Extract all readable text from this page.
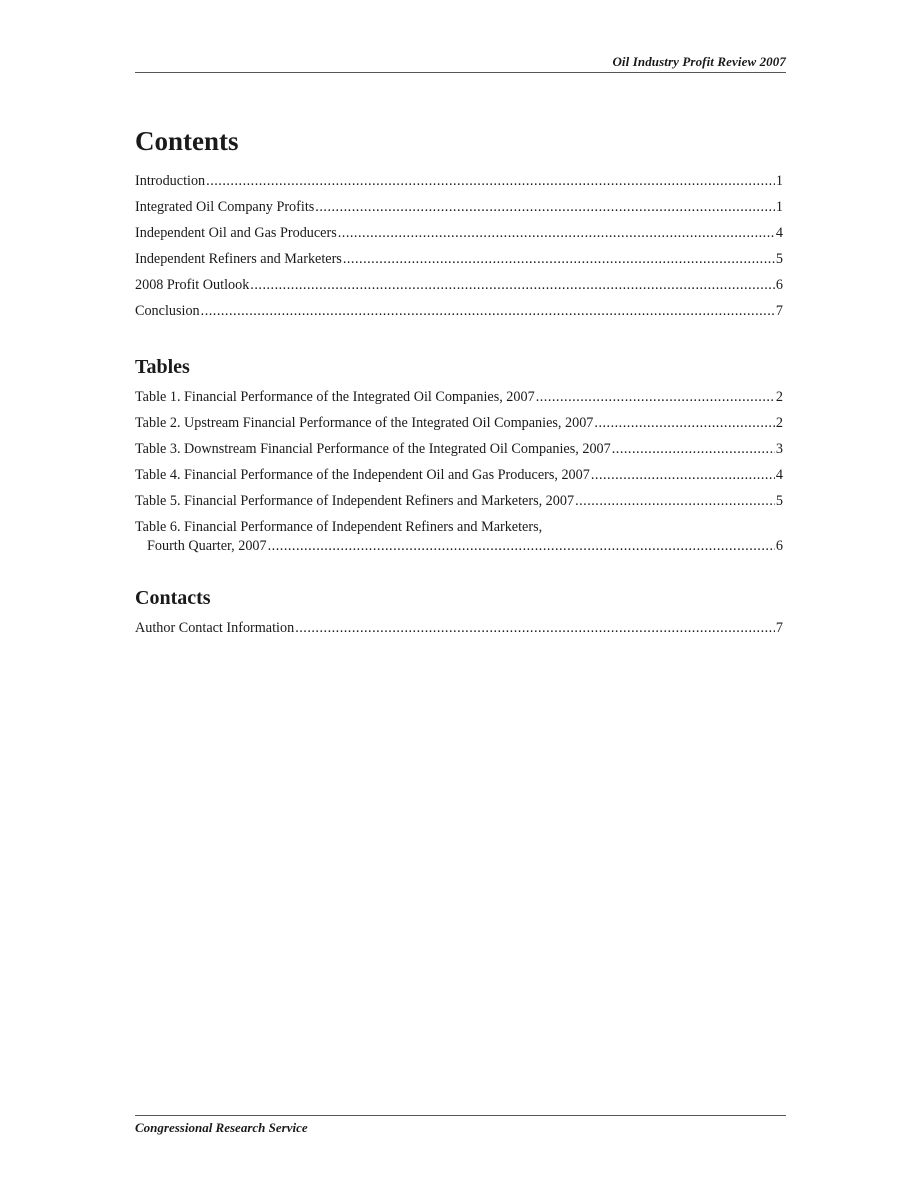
Oil Industry Profit Review 2007
Contents
Introduction .....	1
Integrated Oil Company Profits .....	1
Independent Oil and Gas Producers .....	4
Independent Refiners and Marketers .....	5
2008 Profit Outlook .....	6
Conclusion .....	7
Tables
Table 1. Financial Performance of the Integrated Oil Companies, 2007 .....	2
Table 2. Upstream Financial Performance of the Integrated Oil Companies, 2007 .....	2
Table 3. Downstream Financial Performance of the Integrated Oil Companies, 2007 .....	3
Table 4. Financial Performance of the Independent Oil and Gas Producers, 2007 .....	4
Table 5. Financial Performance of Independent Refiners and Marketers, 2007 .....	5
Table 6. Financial Performance of Independent Refiners and Marketers,
Fourth Quarter, 2007 .....	6
Contacts
Author Contact Information .....	7
Congressional Research Service
